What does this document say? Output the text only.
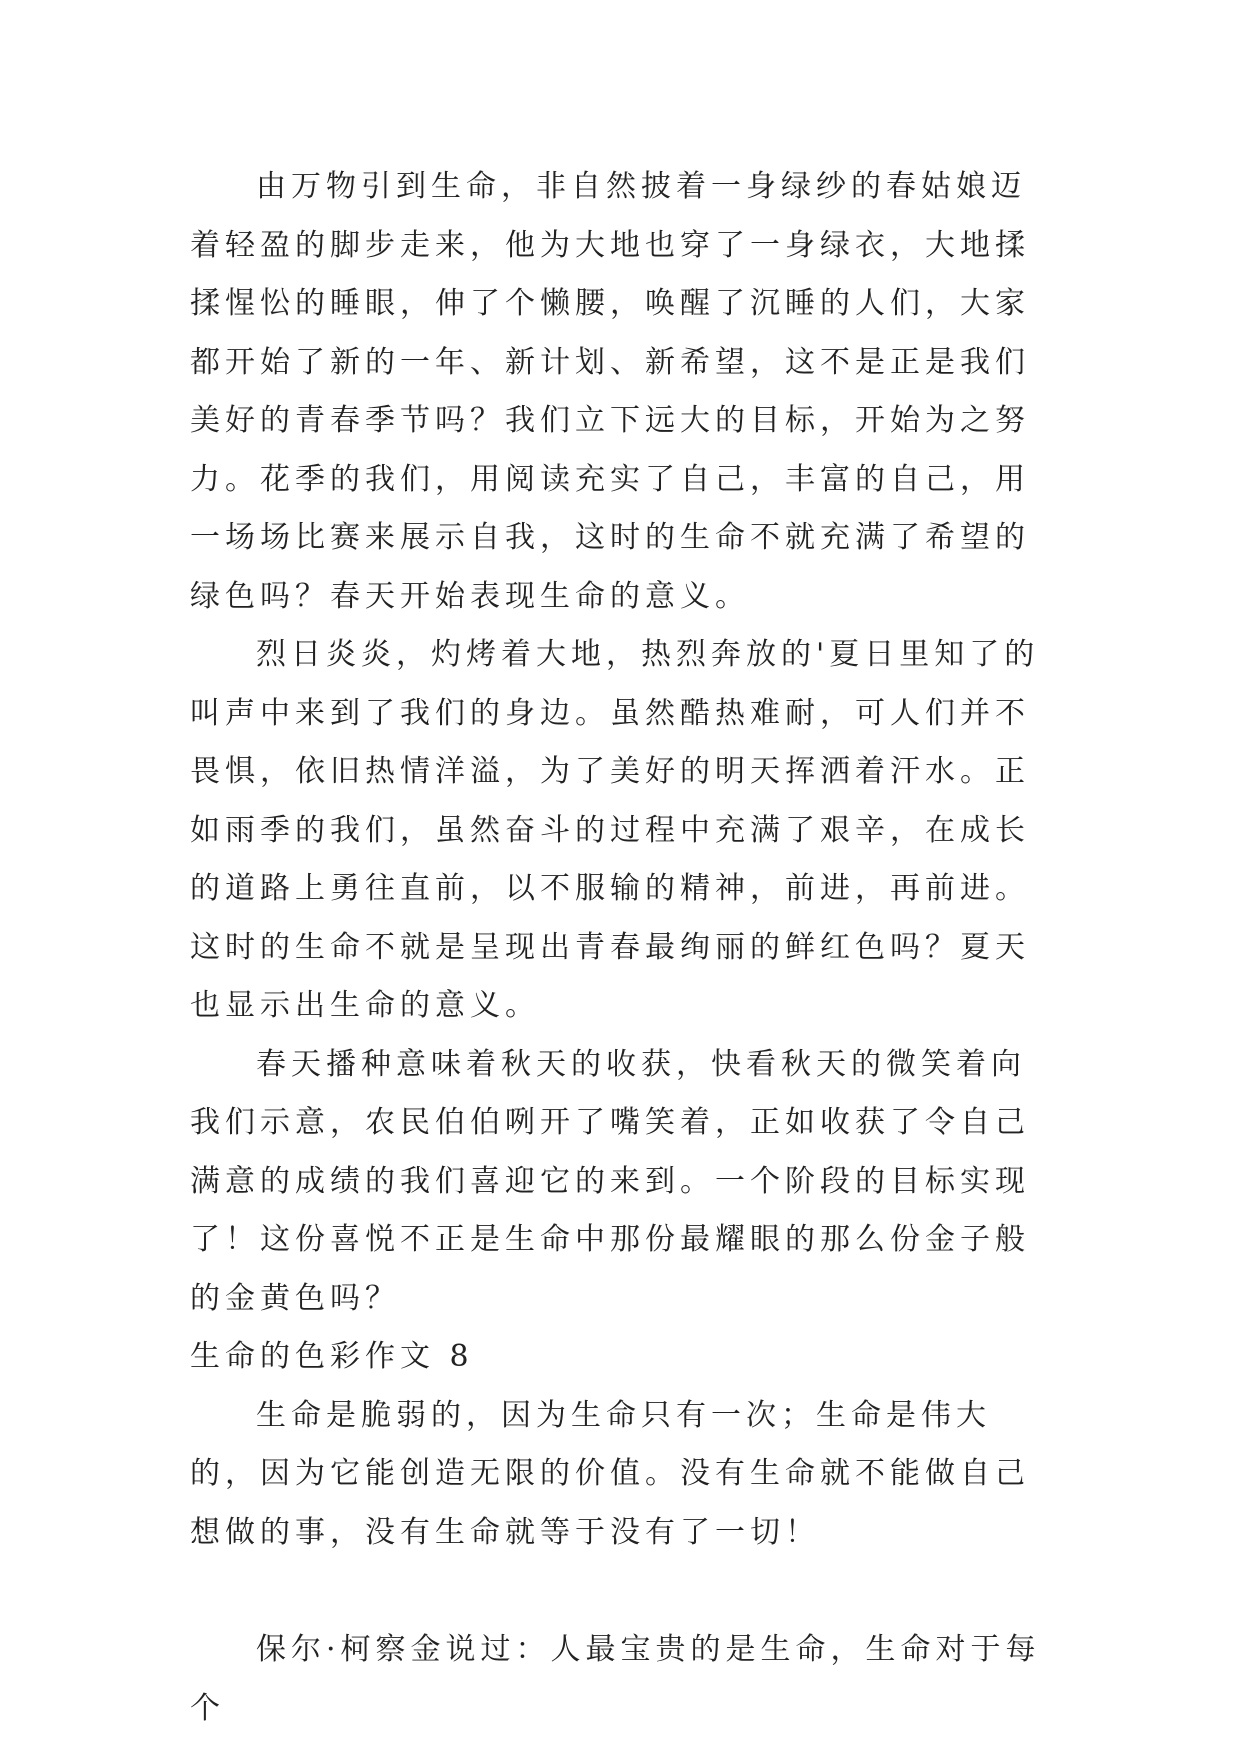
由万物引到生命，非自然披着一身绿纱的春姑娘迈着轻盈的脚步走来，他为大地也穿了一身绿衣，大地揉揉惺忪的睡眼，伸了个懒腰，唤醒了沉睡的人们，大家都开始了新的一年、新计划、新希望，这不是正是我们美好的青春季节吗？我们立下远大的目标，开始为之努力。花季的我们，用阅读充实了自己，丰富的自己，用一场场比赛来展示自我，这时的生命不就充满了希望的绿色吗？春天开始表现生命的意义。

烈日炎炎，灼烤着大地，热烈奔放的'夏日里知了的叫声中来到了我们的身边。虽然酷热难耐，可人们并不畏惧，依旧热情洋溢，为了美好的明天挥洒着汗水。正如雨季的我们，虽然奋斗的过程中充满了艰辛，在成长的道路上勇往直前，以不服输的精神，前进，再前进。这时的生命不就是呈现出青春最绚丽的鲜红色吗？夏天也显示出生命的意义。

春天播种意味着秋天的收获，快看秋天的微笑着向我们示意，农民伯伯咧开了嘴笑着，正如收获了令自己满意的成绩的我们喜迎它的来到。一个阶段的目标实现了！这份喜悦不正是生命中那份最耀眼的那么份金子般的金黄色吗？

生命的色彩作文 8

生命是脆弱的，因为生命只有一次；生命是伟大的，因为它能创造无限的价值。没有生命就不能做自己想做的事，没有生命就等于没有了一切！

保尔·柯察金说过：人最宝贵的是生命，生命对于每个
